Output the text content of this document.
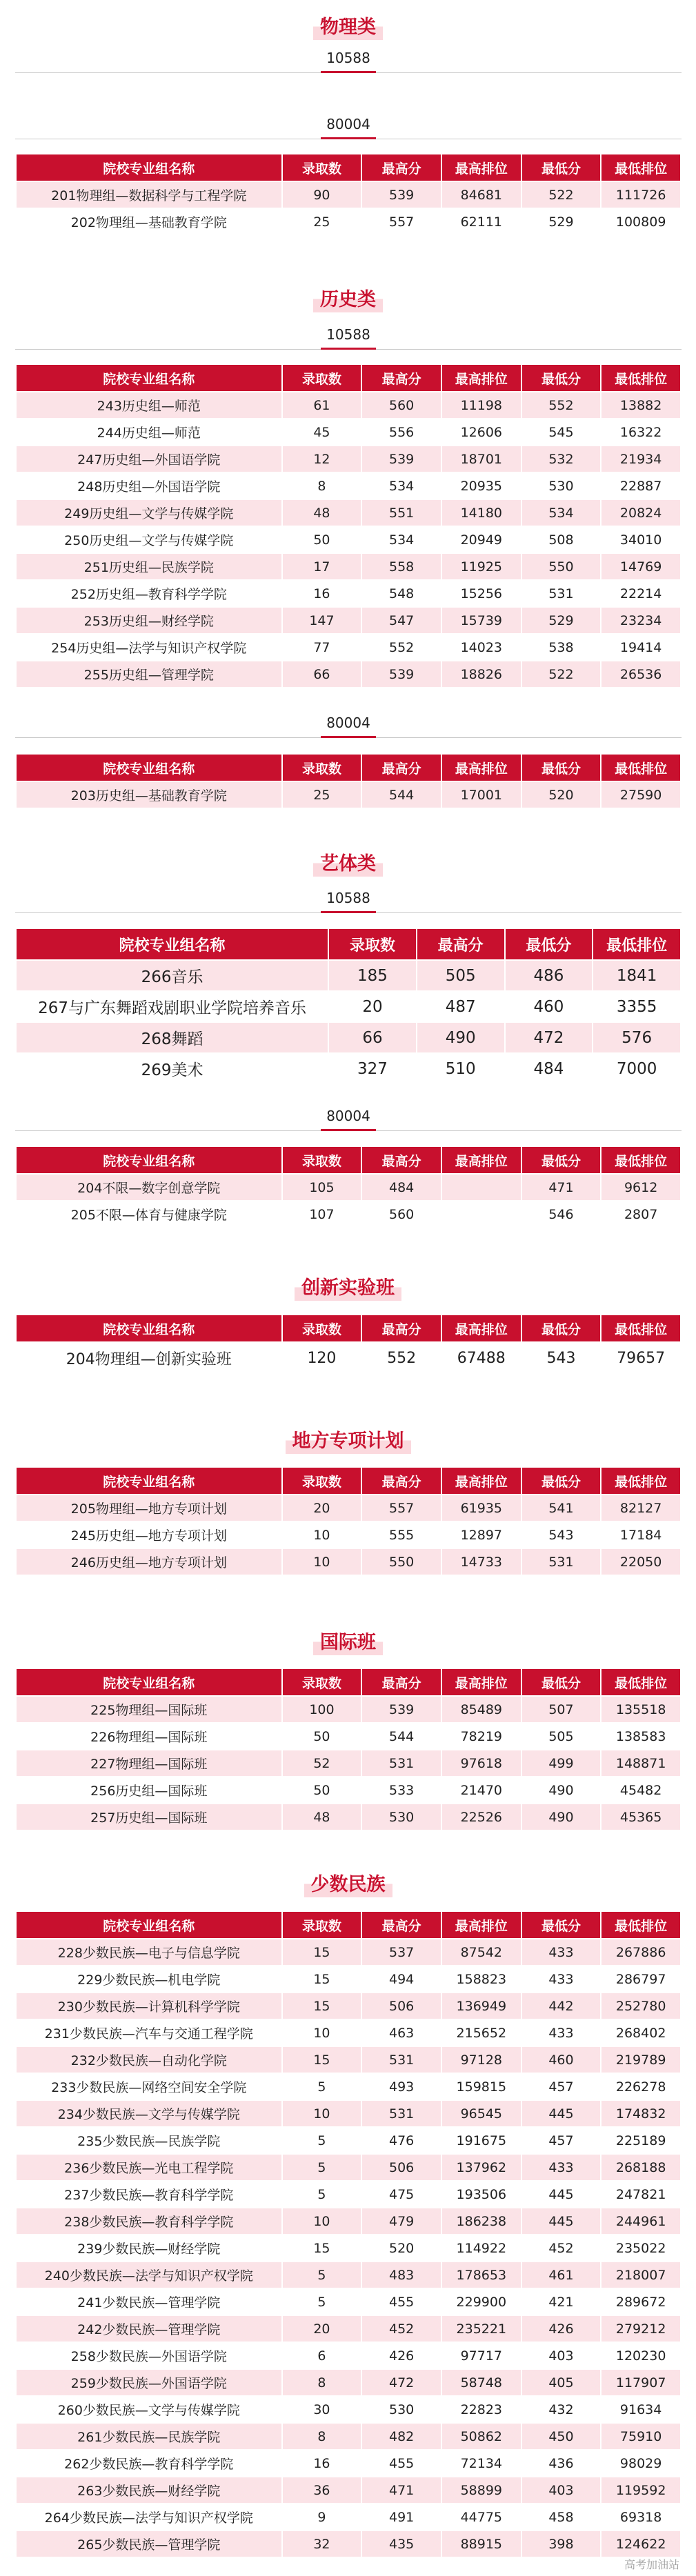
物理类
10588
80004
院校专业组名称	录取数	最高分	最高排位	最低分	最低排位
201物理组—数据科学与工程学院	90	539	84681	522	111726
202物理组—基础教育学院	25	557	62111	529	100809
历史类
10588
院校专业组名称	录取数	最高分	最高排位	最低分	最低排位
243历史组—师范	61	560	11198	552	13882
244历史组—师范	45	556	12606	545	16322
247历史组—外国语学院	12	539	18701	532	21934
248历史组—外国语学院	8	534	20935	530	22887
249历史组—文学与传媒学院	48	551	14180	534	20824
250历史组—文学与传媒学院	50	534	20949	508	34010
251历史组—民族学院	17	558	11925	550	14769
252历史组—教育科学学院	16	548	15256	531	22214
253历史组—财经学院	147	547	15739	529	23234
254历史组—法学与知识产权学院	77	552	14023	538	19414
255历史组—管理学院	66	539	18826	522	26536
80004
院校专业组名称	录取数	最高分	最高排位	最低分	最低排位
203历史组—基础教育学院	25	544	17001	520	27590
艺体类
10588
院校专业组名称	录取数	最高分	最低分	最低排位
266音乐	185	505	486	1841
267与广东舞蹈戏剧职业学院培养音乐	20	487	460	3355
268舞蹈	66	490	472	576
269美术	327	510	484	7000
80004
院校专业组名称	录取数	最高分	最高排位	最低分	最低排位
204不限—数字创意学院	105	484		471	9612
205不限—体育与健康学院	107	560		546	2807
创新实验班
院校专业组名称	录取数	最高分	最高排位	最低分	最低排位
204物理组—创新实验班	120	552	67488	543	79657
地方专项计划
院校专业组名称	录取数	最高分	最高排位	最低分	最低排位
205物理组—地方专项计划	20	557	61935	541	82127
245历史组—地方专项计划	10	555	12897	543	17184
246历史组—地方专项计划	10	550	14733	531	22050
国际班
院校专业组名称	录取数	最高分	最高排位	最低分	最低排位
225物理组—国际班	100	539	85489	507	135518
226物理组—国际班	50	544	78219	505	138583
227物理组—国际班	52	531	97618	499	148871
256历史组—国际班	50	533	21470	490	45482
257历史组—国际班	48	530	22526	490	45365
少数民族
院校专业组名称	录取数	最高分	最高排位	最低分	最低排位
228少数民族—电子与信息学院	15	537	87542	433	267886
229少数民族—机电学院	15	494	158823	433	286797
230少数民族—计算机科学学院	15	506	136949	442	252780
231少数民族—汽车与交通工程学院	10	463	215652	433	268402
232少数民族—自动化学院	15	531	97128	460	219789
233少数民族—网络空间安全学院	5	493	159815	457	226278
234少数民族—文学与传媒学院	10	531	96545	445	174832
235少数民族—民族学院	5	476	191675	457	225189
236少数民族—光电工程学院	5	506	137962	433	268188
237少数民族—教育科学学院	5	475	193506	445	247821
238少数民族—教育科学学院	10	479	186238	445	244961
239少数民族—财经学院	15	520	114922	452	235022
240少数民族—法学与知识产权学院	5	483	178653	461	218007
241少数民族—管理学院	5	455	229900	421	289672
242少数民族—管理学院	20	452	235221	426	279212
258少数民族—外国语学院	6	426	97717	403	120230
259少数民族—外国语学院	8	472	58748	405	117907
260少数民族—文学与传媒学院	30	530	22823	432	91634
261少数民族—民族学院	8	482	50862	450	75910
262少数民族—教育科学学院	16	455	72134	436	98029
263少数民族—财经学院	36	471	58899	403	119592
264少数民族—法学与知识产权学院	9	491	44775	458	69318
265少数民族—管理学院	32	435	88915	398	124622
高考加油站
